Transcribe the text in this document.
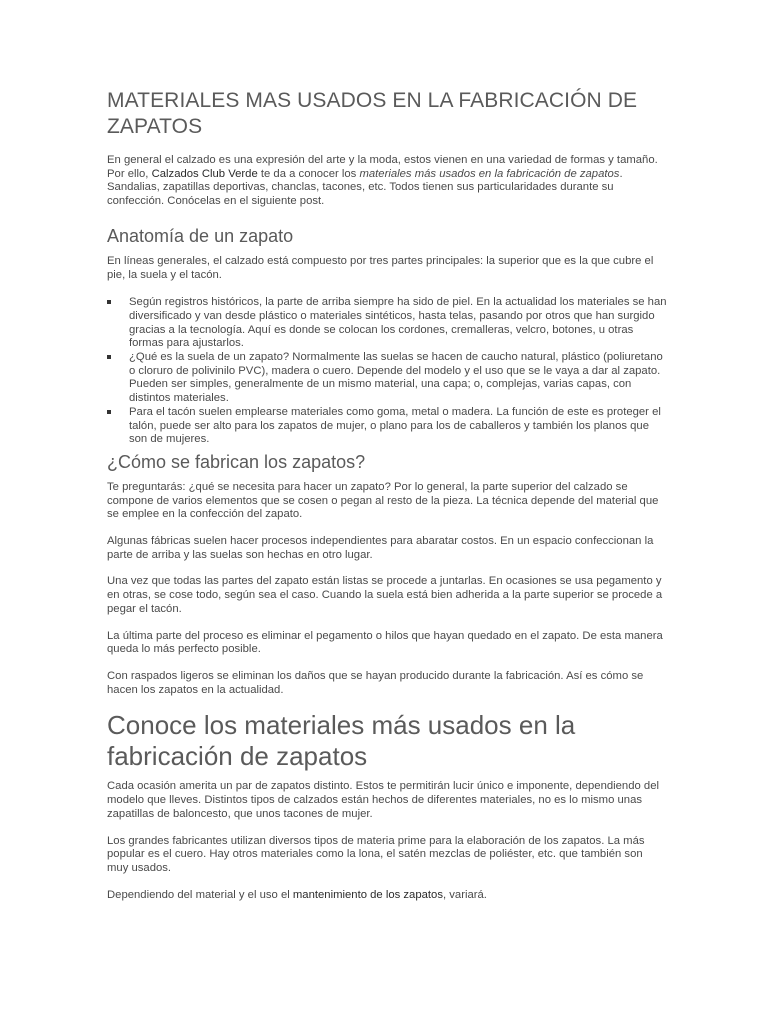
MATERIALES MAS USADOS EN LA FABRICACIÓN DE ZAPATOS

En general el calzado es una expresión del arte y la moda, estos vienen en una variedad de formas y tamaño. Por ello, Calzados Club Verde te da a conocer los materiales más usados en la fabricación de zapatos. Sandalias, zapatillas deportivas, chanclas, tacones, etc. Todos tienen sus particularidades durante su confección. Conócelas en el siguiente post.

Anatomía de un zapato

En líneas generales, el calzado está compuesto por tres partes principales: la superior que es la que cubre el pie, la suela y el tacón.

Según registros históricos, la parte de arriba siempre ha sido de piel. En la actualidad los materiales se han diversificado y van desde plástico o materiales sintéticos, hasta telas, pasando por otros que han surgido gracias a la tecnología. Aquí es donde se colocan los cordones, cremalleras, velcro, botones, u otras formas para ajustarlos.
¿Qué es la suela de un zapato? Normalmente las suelas se hacen de caucho natural, plástico (poliuretano o cloruro de polivinilo PVC), madera o cuero. Depende del modelo y el uso que se le vaya a dar al zapato. Pueden ser simples, generalmente de un mismo material, una capa; o, complejas, varias capas, con distintos materiales.
Para el tacón suelen emplearse materiales como goma, metal o madera. La función de este es proteger el talón, puede ser alto para los zapatos de mujer, o plano para los de caballeros y también los planos que son de mujeres.
¿Cómo se fabrican los zapatos?

Te preguntarás: ¿qué se necesita para hacer un zapato? Por lo general, la parte superior del calzado se compone de varios elementos que se cosen o pegan al resto de la pieza. La técnica depende del material que se emplee en la confección del zapato.

Algunas fábricas suelen hacer procesos independientes para abaratar costos. En un espacio confeccionan la parte de arriba y las suelas son hechas en otro lugar.

Una vez que todas las partes del zapato están listas se procede a juntarlas. En ocasiones se usa pegamento y en otras, se cose todo, según sea el caso. Cuando la suela está bien adherida a la parte superior se procede a pegar el tacón.

La última parte del proceso es eliminar el pegamento o hilos que hayan quedado en el zapato. De esta manera queda lo más perfecto posible.

Con raspados ligeros se eliminan los daños que se hayan producido durante la fabricación. Así es cómo se hacen los zapatos en la actualidad.

Conoce los materiales más usados en la fabricación de zapatos

Cada ocasión amerita un par de zapatos distinto. Estos te permitirán lucir único e imponente, dependiendo del modelo que lleves. Distintos tipos de calzados están hechos de diferentes materiales, no es lo mismo unas zapatillas de baloncesto, que unos tacones de mujer.

Los grandes fabricantes utilizan diversos tipos de materia prime para la elaboración de los zapatos. La más popular es el cuero. Hay otros materiales como la lona, el satén mezclas de poliéster, etc. que también son muy usados.

Dependiendo del material y el uso el mantenimiento de los zapatos, variará.
